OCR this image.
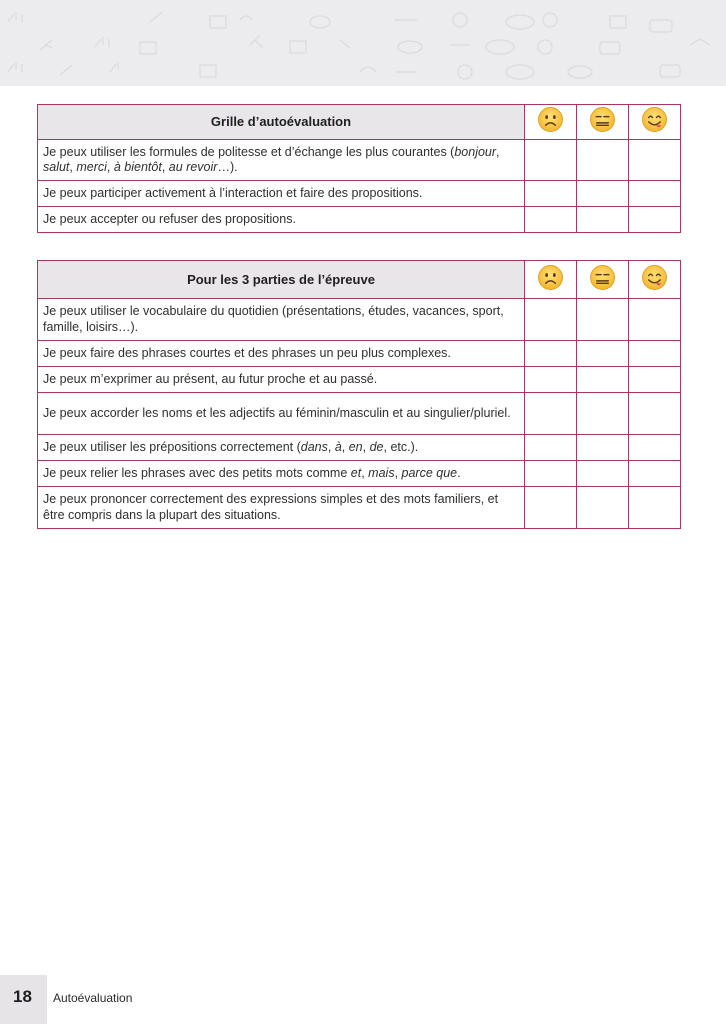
Grille d’autoévaluation			
Je peux utiliser les formules de politesse et d’échange les plus courantes (bonjour, salut, merci, à bientôt, au revoir…).			
Je peux participer activement à l’interaction et faire des propositions.			
Je peux accepter ou refuser des propositions.			
Pour les 3 parties de l’épreuve			
Je peux utiliser le vocabulaire du quotidien (présentations, études, vacances, sport, famille, loisirs…).			
Je peux faire des phrases courtes et des phrases un peu plus complexes.			
Je peux m’exprimer au présent, au futur proche et au passé.			
Je peux accorder les noms et les adjectifs au féminin/masculin et au singulier/pluriel.			
Je peux utiliser les prépositions correctement (dans, à, en, de, etc.).			
Je peux relier les phrases avec des petits mots comme et, mais, parce que.			
Je peux prononcer correctement des expressions simples et des mots familiers, et être compris dans la plupart des situations.			
18 Autoévaluation
